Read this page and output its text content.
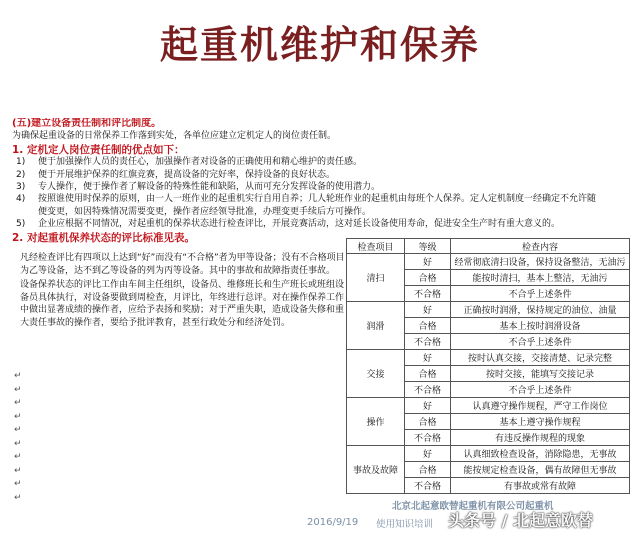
起重机维护和保养
(五)建立设备责任制和评比制度。
为确保起重设备的日常保养工作落到实处，各单位应建立定机定人的岗位责任制。
1. 定机定人岗位责任制的优点如下：
1)	便于加强操作人员的责任心，加强操作者对设备的正确使用和精心维护的责任感。
2)	便于开展维护保养的红旗竞赛，提高设备的完好率，保持设备的良好状态。
3)	专人操作，便于操作者了解设备的特殊性能和缺陷，从而可充分发挥设备的使用潜力。
4)	按照谁使用时保养的原则，由一人一班作业的起重机实行自用自养；几人轮班作业的起重机由每班个人保养。定人定机制度一经确定不允许随
便变更，如因特殊情况需要变更，操作者应经领导批准，办理变更手续后方可操作。
5)	企业应根据不同情况，对起重机的保养状态进行检查评比，开展竞赛活动，这对延长设备使用寿命，促进安全生产时有重大意义的。
2. 对起重机保养状态的评比标准见表。

凡经检查评比有四项以上达到“好”而没有“不合格”者为甲等设备；没有不合格项目为乙等设备，达不到乙等设备的列为丙等设备。其中的事故和故障指责任事故。

设备保养状态的评比工作由车间主任组织，设备员、维修班长和生产班长或班组设备员具体执行，对设备要做到周检查，月评比，年终进行总评。对在操作保养工作中做出显著成绩的操作者，应给予表扬和奖励；对于严重失职，造成设备失修和重大责任事故的操作者，要给予批评教育，甚至行政处分和经济处罚。

↵
↵
↵
↵
↵
↵
↵
↵
↵
↵
检查项目	等级	检查内容
清扫	好	经常彻底清扫设备，保持设备整洁，无油污
	合格	能按时清扫，基本上整洁，无油污
	不合格	不合乎上述条件
润滑	好	正确按时润滑，保持规定的油位、油量
	合格	基本上按时润滑设备
	不合格	不合乎上述条件
交接	好	按时认真交接，交接清楚、记录完整
	合格	按时交接，能填写交接记录
	不合格	不合乎上述条件
操作	好	认真遵守操作规程，严守工作岗位
	合格	基本上遵守操作规程
	不合格	有违反操作规程的现象
事故及故障	好	认真细致检查设备，消除隐患，无事故
	合格	能按规定检查设备，偶有故障但无事故
	不合格	有事故或常有故障
北京北起意欧替起重机有限公司起重机
2016/9/19 使用知识培训 头条号 / 北起意欧替
